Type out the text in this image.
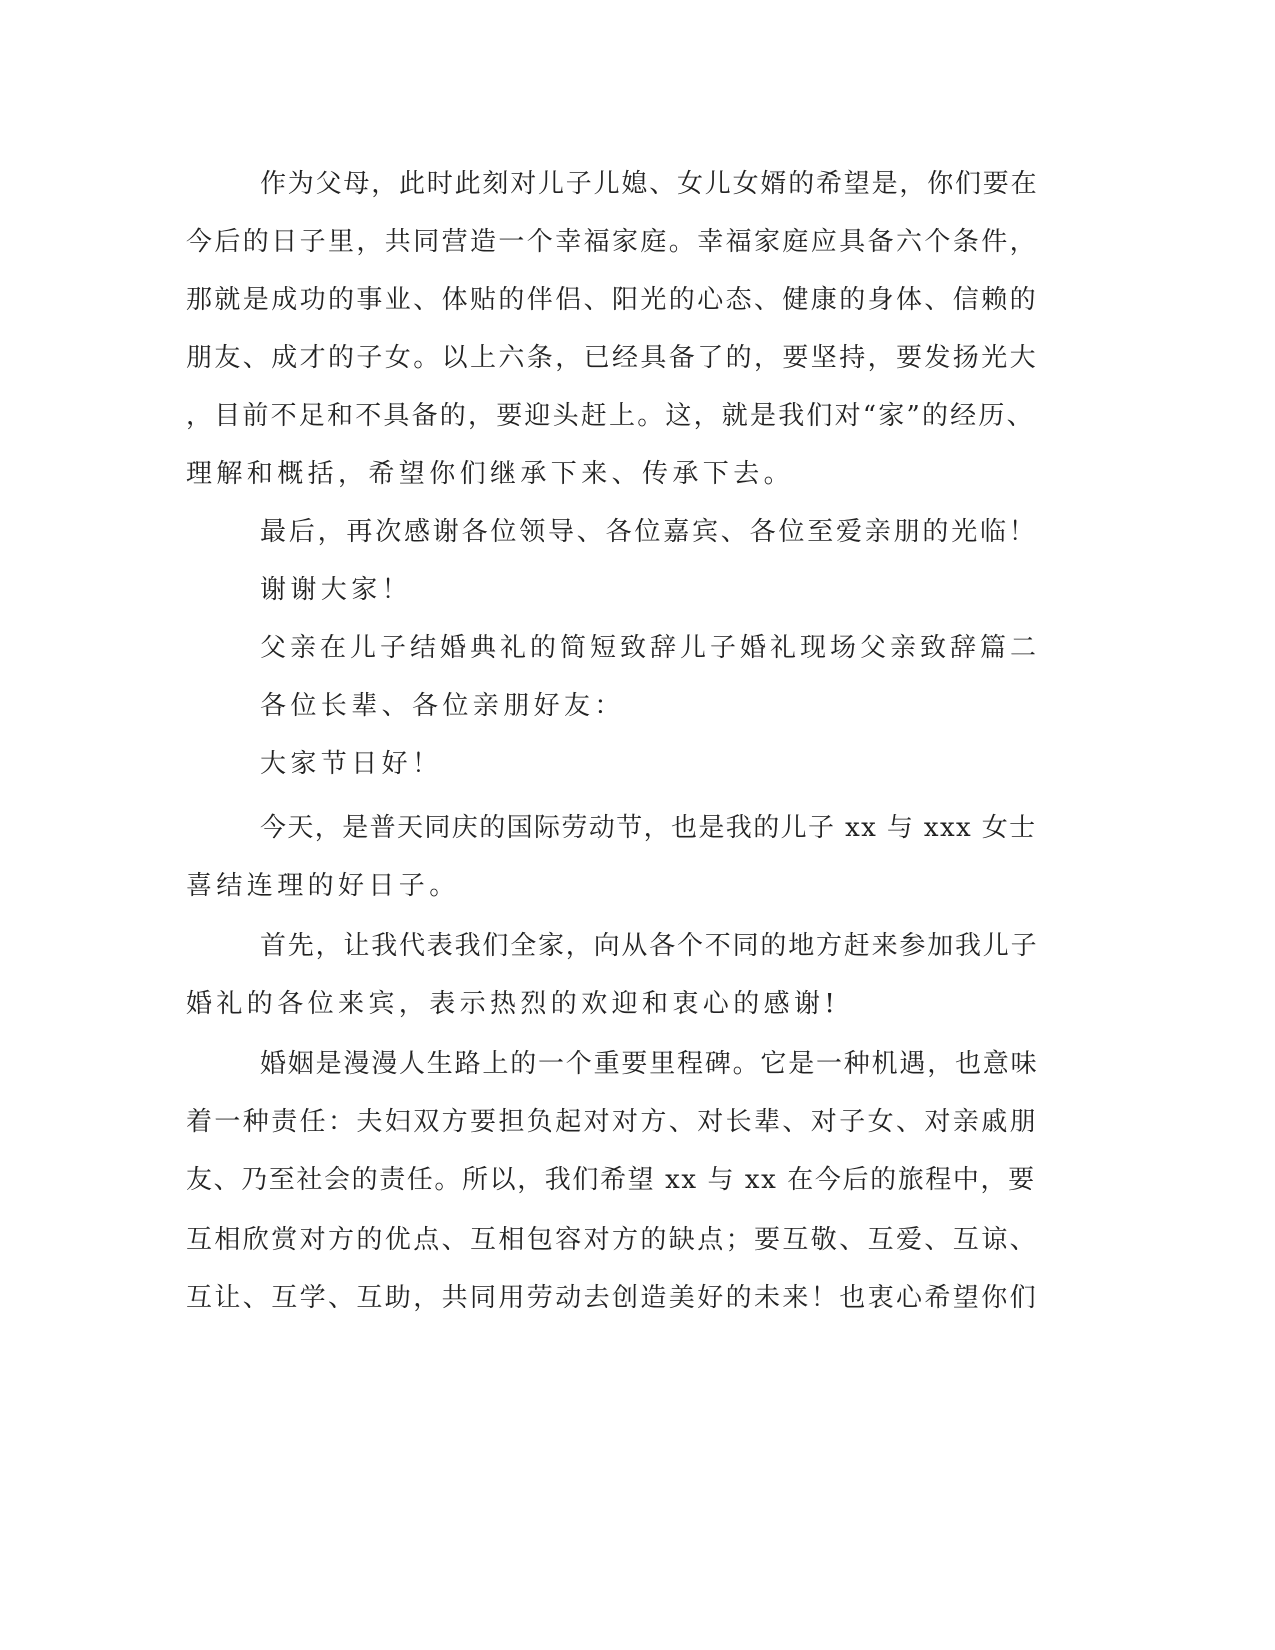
作为父母，此时此刻对儿子儿媳、女儿女婿的希望是，你们要在
今后的日子里，共同营造一个幸福家庭。幸福家庭应具备六个条件，
那就是成功的事业、体贴的伴侣、阳光的心态、健康的身体、信赖的
朋友、成才的子女。以上六条，已经具备了的，要坚持，要发扬光大
，目前不足和不具备的，要迎头赶上。这，就是我们对“家”的经历、
理解和概括，希望你们继承下来、传承下去。
最后，再次感谢各位领导、各位嘉宾、各位至爱亲朋的光临！
谢谢大家！
父亲在儿子结婚典礼的简短致辞儿子婚礼现场父亲致辞篇二
各位长辈、各位亲朋好友：
大家节日好！
今天，是普天同庆的国际劳动节，也是我的儿子 xx 与 xxx 女士
喜结连理的好日子。
首先，让我代表我们全家，向从各个不同的地方赶来参加我儿子
婚礼的各位来宾，表示热烈的欢迎和衷心的感谢!
婚姻是漫漫人生路上的一个重要里程碑。它是一种机遇，也意味
着一种责任：夫妇双方要担负起对对方、对长辈、对子女、对亲戚朋
友、乃至社会的责任。所以，我们希望 xx 与 xx 在今后的旅程中，要
互相欣赏对方的优点、互相包容对方的缺点；要互敬、互爱、互谅、
互让、互学、互助，共同用劳动去创造美好的未来！也衷心希望你们
